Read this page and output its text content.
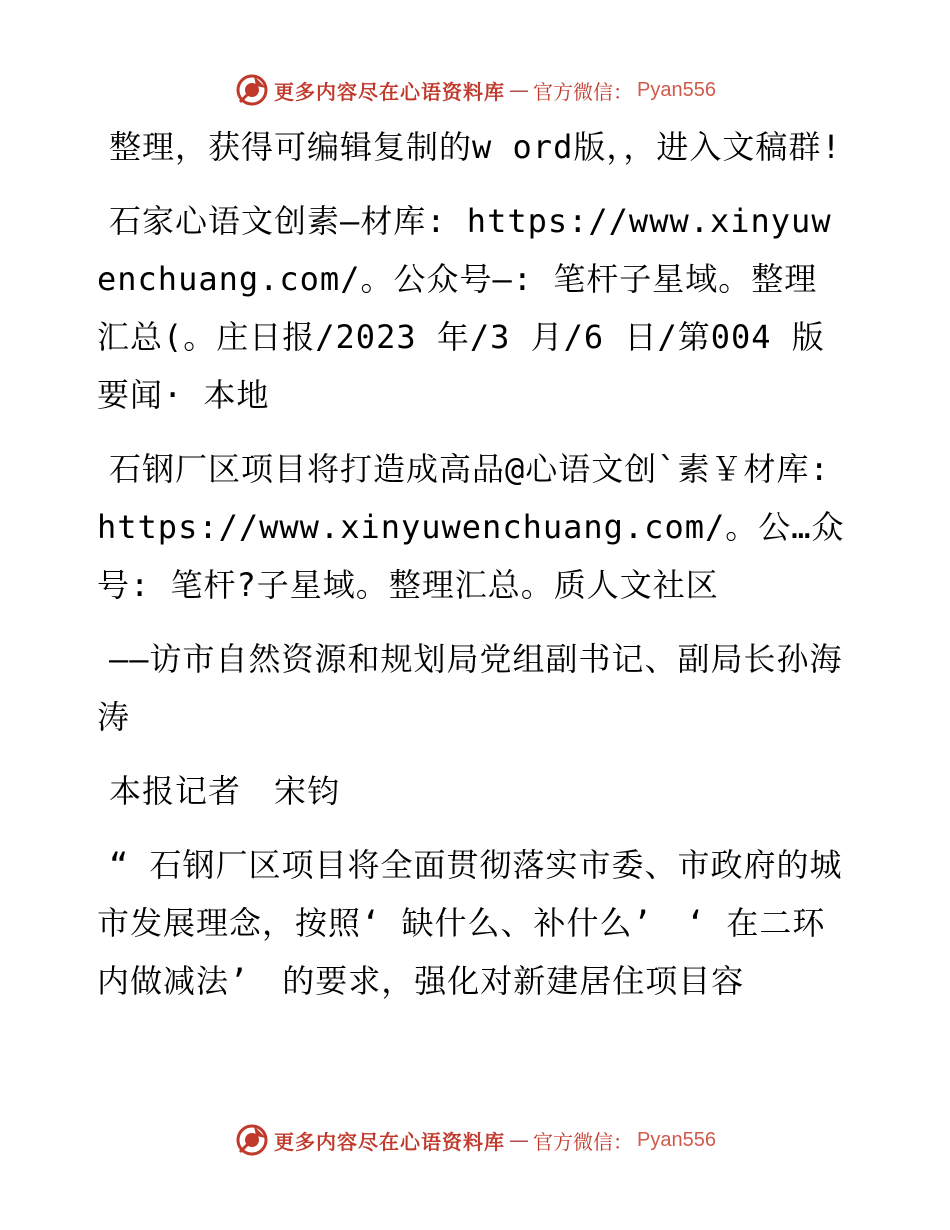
更多内容尽在心语资料库 — 官方微信： Pyan556

整理，获得可编辑复制的w ord版，，进入文稿群!

石家心语文创素—材库: https://www.xinyuwenchuang.com/。公众号—: 笔杆子星域。整理汇总(。庄日报/2023 年/3 月/6 日/第004 版要闻· 本地

石钢厂区项目将打造成高品@心语文创`素￥材库: https://www.xinyuwenchuang.com/。公…众号: 笔杆?子星域。整理汇总。质人文社区

——访市自然资源和规划局党组副书记、副局长孙海涛

本报记者　宋钧

“ 石钢厂区项目将全面贯彻落实市委、市政府的城市发展理念，按照‘ 缺什么、补什么’　‘ 在二环内做减法’　的要求，强化对新建居住项目容

更多内容尽在心语资料库 — 官方微信： Pyan556
